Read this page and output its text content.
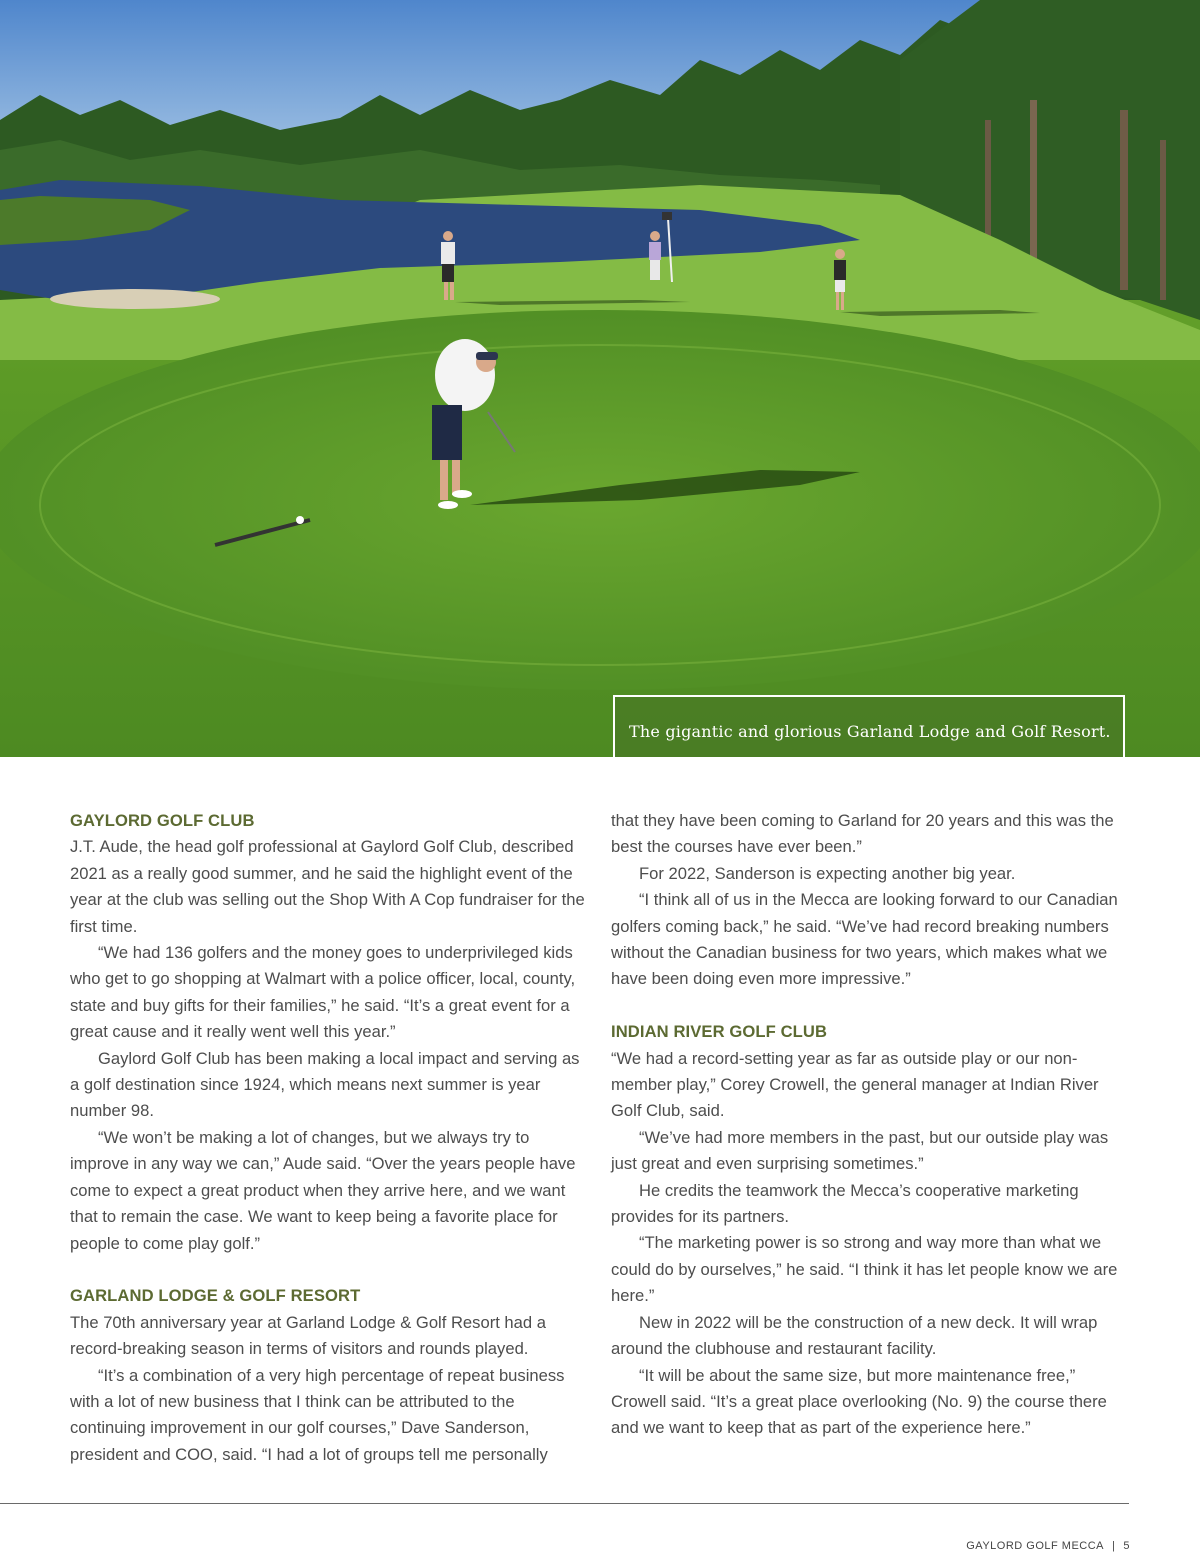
The gigantic and glorious Garland Lodge and Golf Resort.
GAYLORD GOLF CLUB

J.T. Aude, the head golf professional at Gaylord Golf Club, described 2021 as a really good summer, and he said the highlight event of the year at the club was selling out the Shop With A Cop fundraiser for the first time.

“We had 136 golfers and the money goes to underprivileged kids who get to go shopping at Walmart with a police officer, local, county, state and buy gifts for their families,” he said. “It’s a great event for a great cause and it really went well this year.”

Gaylord Golf Club has been making a local impact and serving as a golf destination since 1924, which means next summer is year number 98.

“We won’t be making a lot of changes, but we always try to improve in any way we can,” Aude said. “Over the years people have come to expect a great product when they arrive here, and we want that to remain the case. We want to keep being a favorite place for people to come play golf.”

GARLAND LODGE & GOLF RESORT

The 70th anniversary year at Garland Lodge & Golf Resort had a record-breaking season in terms of visitors and rounds played.

“It’s a combination of a very high percentage of repeat business with a lot of new business that I think can be attributed to the continuing improvement in our golf courses,” Dave Sanderson, president and COO, said. “I had a lot of groups tell me personally

that they have been coming to Garland for 20 years and this was the best the courses have ever been.”

For 2022, Sanderson is expecting another big year.

“I think all of us in the Mecca are looking forward to our Canadian golfers coming back,” he said. “We’ve had record breaking numbers without the Canadian business for two years, which makes what we have been doing even more impressive.”

INDIAN RIVER GOLF CLUB

“We had a record-setting year as far as outside play or our non-member play,” Corey Crowell, the general manager at Indian River Golf Club, said.

“We’ve had more members in the past, but our outside play was just great and even surprising sometimes.”

He credits the teamwork the Mecca’s cooperative marketing provides for its partners.

“The marketing power is so strong and way more than what we could do by ourselves,” he said. “I think it has let people know we are here.”

New in 2022 will be the construction of a new deck. It will wrap around the clubhouse and restaurant facility.

“It will be about the same size, but more maintenance free,” Crowell said. “It’s a great place overlooking (No. 9) the course there and we want to keep that as part of the experience here.”

GAYLORD GOLF MECCA | 5
